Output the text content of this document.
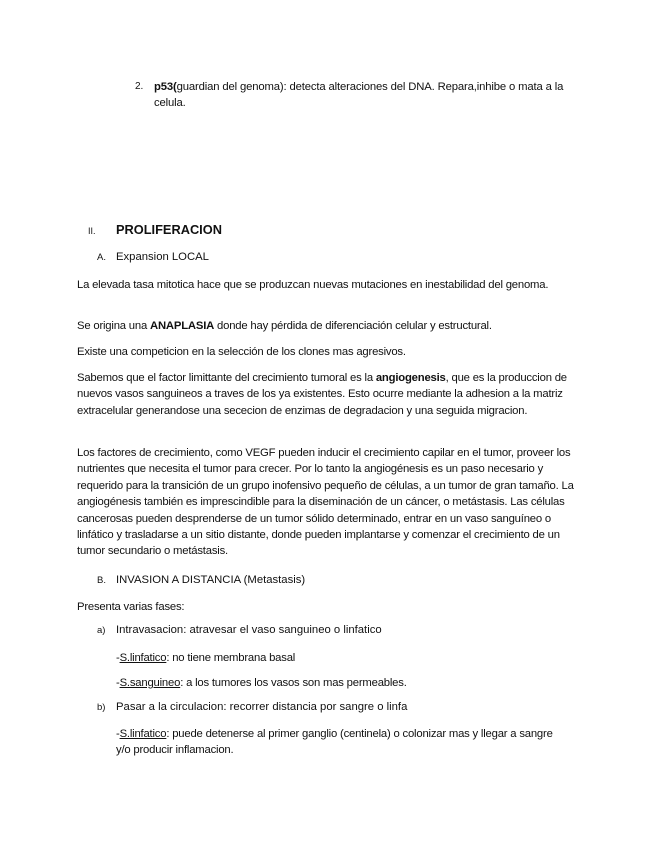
2. p53(guardian del genoma): detecta alteraciones del DNA. Repara,inhibe o mata a la celula.
II. PROLIFERACION
A. Expansion LOCAL
La elevada tasa mitotica hace que se produzcan nuevas mutaciones en inestabilidad del genoma.
Se origina una ANAPLASIA donde hay pérdida de diferenciación celular y estructural.
Existe una competicion en la selección de los clones mas agresivos.
Sabemos que el factor limittante del crecimiento tumoral es la angiogenesis, que es la produccion de nuevos vasos sanguineos a traves de los ya existentes. Esto ocurre mediante la adhesion a la matriz extracelular generandose una sececion de enzimas de degradacion y una seguida migracion.
Los factores de crecimiento, como VEGF pueden inducir el crecimiento capilar en el tumor, proveer los nutrientes que necesita el tumor para crecer. Por lo tanto la angiogénesis es un paso necesario y requerido para la transición de un grupo inofensivo pequeño de células, a un tumor de gran tamaño. La angiogénesis también es imprescindible para la diseminación de un cáncer, o metástasis. Las células cancerosas pueden desprenderse de un tumor sólido determinado, entrar en un vaso sanguíneo o linfático y trasladarse a un sitio distante, donde pueden implantarse y comenzar el crecimiento de un tumor secundario o metástasis.
B. INVASION A DISTANCIA (Metastasis)
Presenta varias fases:
a) Intravasacion: atravesar el vaso sanguineo o linfatico
-S.linfatico: no tiene membrana basal
-S.sanguineo: a los tumores los vasos son mas permeables.
b) Pasar a la circulacion: recorrer distancia por sangre o linfa
-S.linfatico: puede detenerse al primer ganglio (centinela) o colonizar mas y llegar a sangre y/o producir inflamacion.
